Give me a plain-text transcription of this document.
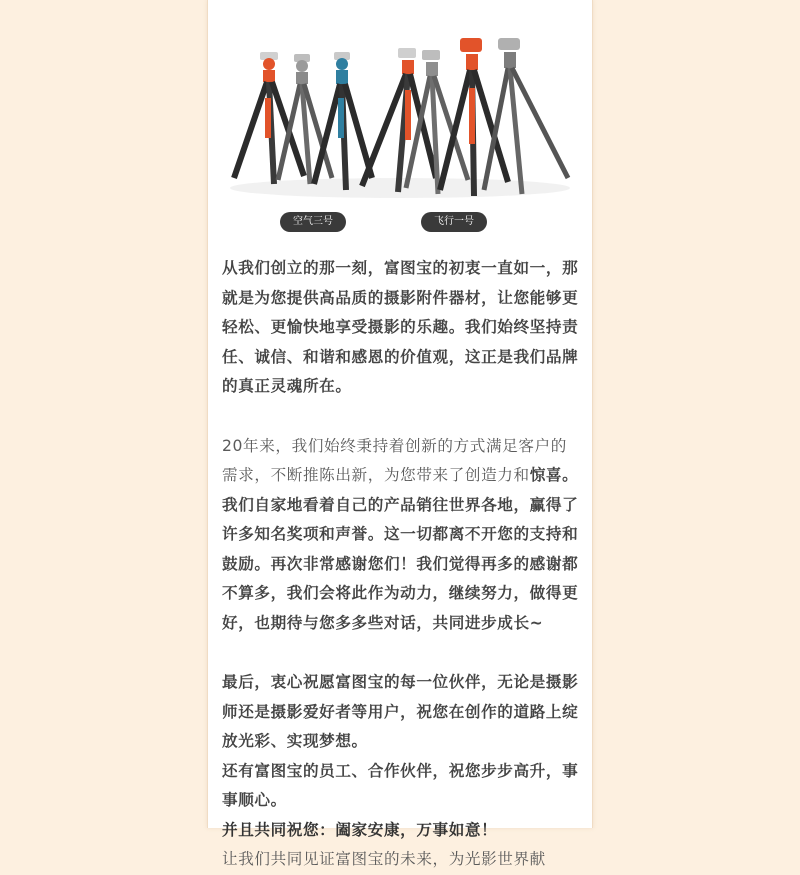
空气三号	飞行一号

从我们创立的那一刻，富图宝的初衷一直如一，那就是为您提供高品质的摄影附件器材，让您能够更轻松、更愉快地享受摄影的乐趣。我们始终坚持责任、诚信、和谐和感恩的价值观，这正是我们品牌的真正灵魂所在。

20年来，我们始终秉持着创新的方式满足客户的需求，不断推陈出新，为您带来了创造力和惊喜。我们自家地看着自己的产品销往世界各地，赢得了许多知名奖项和声誉。这一切都离不开您的支持和鼓励。再次非常感谢您们！我们觉得再多的感谢都不算多，我们会将此作为动力，继续努力，做得更好，也期待与您多多些对话，共同进步成长~

最后，衷心祝愿富图宝的每一位伙伴，无论是摄影师还是摄影爱好者等用户，祝您在创作的道路上绽放光彩、实现梦想。

还有富图宝的员工、合作伙伴，祝您步步高升，事事顺心。

并且共同祝您：阖家安康，万事如意！

让我们共同见证富图宝的未来，为光影世界献
